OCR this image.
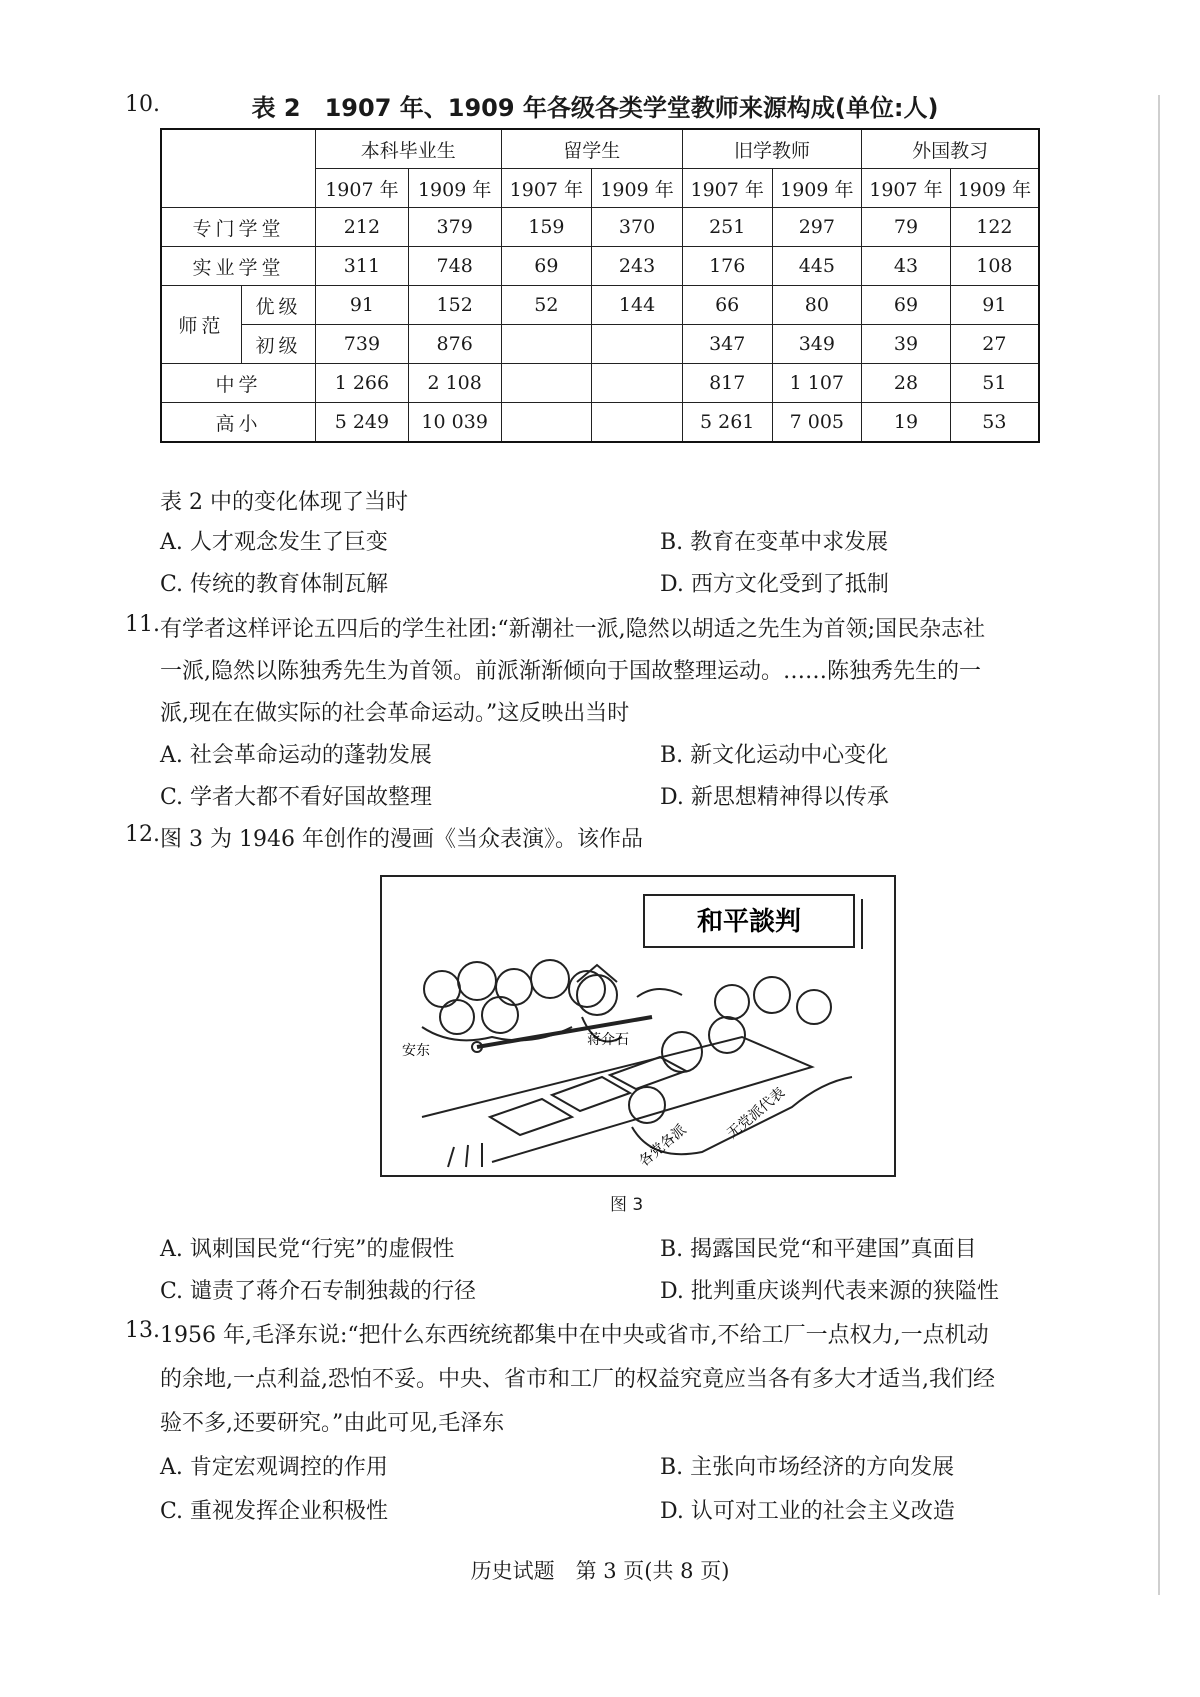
10.	表 2　1907 年、1909 年各级各类学堂教师来源构成(单位:人)
		本科毕业生		留学生		旧学教师		外国教习	
		1907 年	1909 年	1907 年	1909 年	1907 年	1909 年	1907 年	1909 年
专门学堂		212	379	159	370	251	297	79	122
实业学堂		311	748	69	243	176	445	43	108
师范	优级	91	152	52	144	66	80	69	91
	初级	739	876			347	349	39	27
中学		1 266	2 108			817	1 107	28	51
高小		5 249	10 039			5 261	7 005	19	53
表 2 中的变化体现了当时
A. 人才观念发生了巨变	B. 教育在变革中求发展
C. 传统的教育体制瓦解	D. 西方文化受到了抵制
11. 有学者这样评论五四后的学生社团:“新潮社一派,隐然以胡适之先生为首领;国民杂志社
一派,隐然以陈独秀先生为首领。前派渐渐倾向于国故整理运动。……陈独秀先生的一
派,现在在做实际的社会革命运动。”这反映出当时
A. 社会革命运动的蓬勃发展	B. 新文化运动中心变化
C. 学者大都不看好国故整理	D. 新思想精神得以传承
12. 图 3 为 1946 年创作的漫画《当众表演》。该作品
和平談判
安东
蒋介石
无党派代表
各党各派
图 3
A. 讽刺国民党“行宪”的虚假性	B. 揭露国民党“和平建国”真面目
C. 谴责了蒋介石专制独裁的行径	D. 批判重庆谈判代表来源的狭隘性
13. 1956 年,毛泽东说:“把什么东西统统都集中在中央或省市,不给工厂一点权力,一点机动
的余地,一点利益,恐怕不妥。中央、省市和工厂的权益究竟应当各有多大才适当,我们经
验不多,还要研究。”由此可见,毛泽东
A. 肯定宏观调控的作用	B. 主张向市场经济的方向发展
C. 重视发挥企业积极性	D. 认可对工业的社会主义改造
历史试题　第 3 页(共 8 页)
